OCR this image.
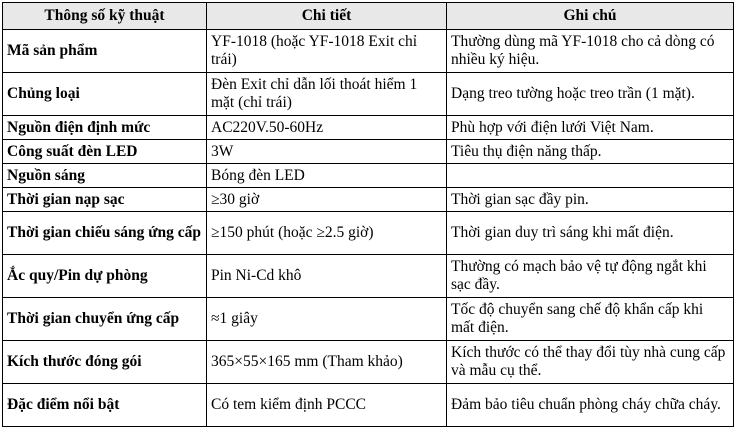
Thông số kỹ thuật	Chi tiết	Ghi chú
Mã sản phẩm	YF-1018 (hoặc YF-1018 Exit chỉ trái)	Thường dùng mã YF-1018 cho cả dòng có nhiều ký hiệu.
Chủng loại	Đèn Exit chỉ dẫn lối thoát hiểm 1 mặt (chỉ trái)	Dạng treo tường hoặc treo trần (1 mặt).
Nguồn điện định mức	AC220V.50-60Hz	Phù hợp với điện lưới Việt Nam.
Công suất đèn LED	3W	Tiêu thụ điện năng thấp.
Nguồn sáng	Bóng đèn LED	
Thời gian nạp sạc	≥30 giờ	Thời gian sạc đầy pin.
Thời gian chiếu sáng ứng cấp	≥150 phút (hoặc ≥2.5 giờ)	Thời gian duy trì sáng khi mất điện.
Ắc quy/Pin dự phòng	Pin Ni-Cd khô	Thường có mạch bảo vệ tự động ngắt khi sạc đầy.
Thời gian chuyển ứng cấp	≈1 giây	Tốc độ chuyển sang chế độ khẩn cấp khi mất điện.
Kích thước đóng gói	365×55×165 mm (Tham khảo)	Kích thước có thể thay đổi tùy nhà cung cấp và mẫu cụ thể.
Đặc điểm nổi bật	Có tem kiểm định PCCC	Đảm bảo tiêu chuẩn phòng cháy chữa cháy.
